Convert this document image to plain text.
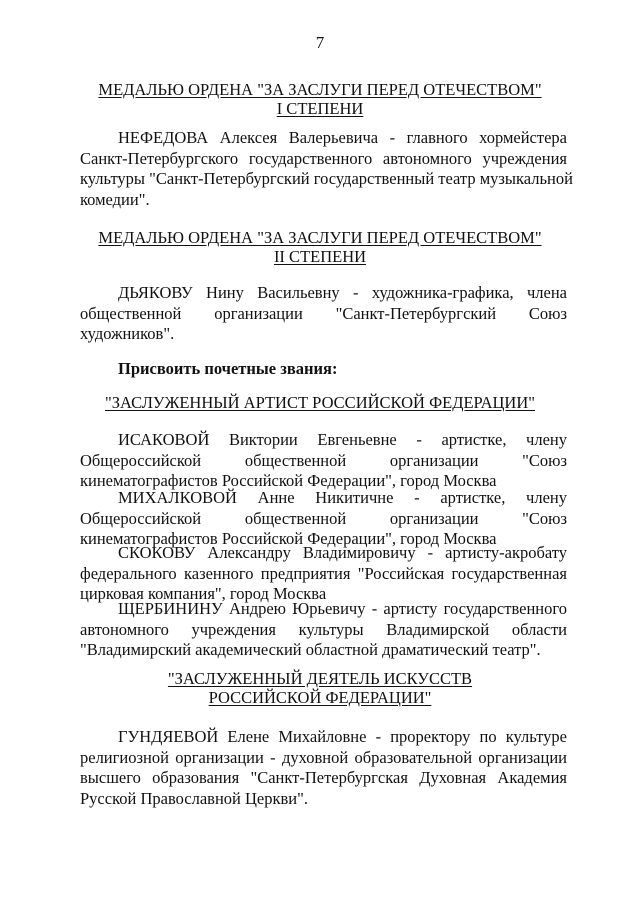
7
МЕДАЛЬЮ ОРДЕНА "ЗА ЗАСЛУГИ ПЕРЕД ОТЕЧЕСТВОМ"
I СТЕПЕНИ
НЕФЕДОВА Алексея Валерьевича - главного хормейстера
Санкт-Петербургского государственного автономного учреждения
культуры "Санкт-Петербургский государственный театр музыкальной
комедии".
МЕДАЛЬЮ ОРДЕНА "ЗА ЗАСЛУГИ ПЕРЕД ОТЕЧЕСТВОМ"
II СТЕПЕНИ
ДЬЯКОВУ Нину Васильевну - художника-графика, члена
общественной организации "Санкт-Петербургский Союз
художников".
Присвоить почетные звания:
"ЗАСЛУЖЕННЫЙ АРТИСТ РОССИЙСКОЙ ФЕДЕРАЦИИ"
ИСАКОВОЙ Виктории Евгеньевне - артистке, члену
Общероссийской общественной организации "Союз
кинематографистов Российской Федерации", город Москва
МИХАЛКОВОЙ Анне Никитичне - артистке, члену
Общероссийской общественной организации "Союз
кинематографистов Российской Федерации", город Москва
СКОКОВУ Александру Владимировичу - артисту-акробату
федерального казенного предприятия "Российская государственная
цирковая компания", город Москва
ЩЕРБИНИНУ Андрею Юрьевичу - артисту государственного
автономного учреждения культуры Владимирской области
"Владимирский академический областной драматический театр".
"ЗАСЛУЖЕННЫЙ ДЕЯТЕЛЬ ИСКУССТВ
РОССИЙСКОЙ ФЕДЕРАЦИИ"
ГУНДЯЕВОЙ Елене Михайловне - проректору по культуре
религиозной организации - духовной образовательной организации
высшего образования "Санкт-Петербургская Духовная Академия
Русской Православной Церкви".
